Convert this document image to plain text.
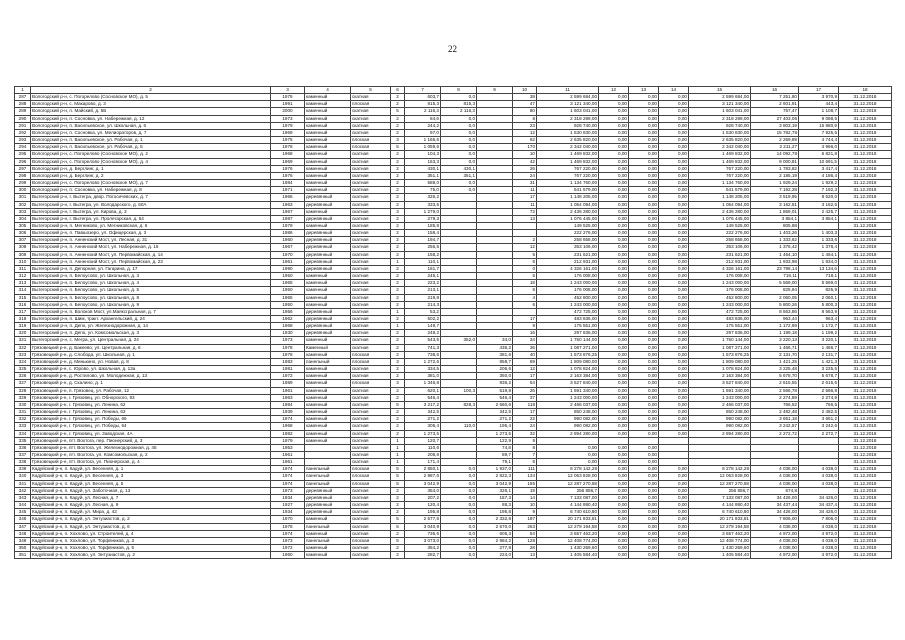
22
1	2	3	4	5	6	7	8	9	10	11	12	13	14	15	16	17	18
287	Вологодский р-н, с. Погорелово (Сосновское МО), д. 5	1975	каменный	скатная	2	603,7	0,0		38	2 599 684,00	0,00	0,00	0,00	2 599 684,00	7 251,80	3 970,9	31.12.2018
288	Вологодский р-н, с. Макарово, д. 3	1991	каменный	плоская	2	815,3	815,3		47	3 121 340,00	0,00	0,00	0,00	3 121 340,00	2 601,91	443,4	31.12.2018
289	Вологодский р-н, п. Майский, д. 5Б	2000	каменный	скатная	5	2 116,3	2 116,3		80	1 603 041,00	0,00	0,00	0,00	1 603 041,00	757,47	1 108,7	31.12.2018
290	Вологодский р-н, п. Сосновка, ул. Набережная, д. 12	1973	каменный	скатная	2	84,6	0,0		8	2 318 299,00	0,00	0,00	0,00	2 318 299,00	27 403,06	9 088,5	31.12.2018
291	Вологодский р-н, п. Васильевское, ул. Школьная, д. 6	1979	каменный	скатная	2	244,2	0,0		23	928 740,00	0,00	0,00	0,00	928 740,00	3 803,19	15 880,9	31.12.2018
292	Вологодский р-н, п. Сосновка, ул. Мелиораторов, д. 7	1969	каменный	скатная	2	97,0	0,0		12	1 530 830,00	0,00	0,00	0,00	1 530 830,00	15 782,78	7 925,5	31.12.2018
293	Вологодский р-н, п. Васильевское, ул. Рабочая, д. 1	1975	каменный	плоская	3	1 166,6	0,0		62	2 635 820,00	0,00	0,00	0,00	2 635 820,00	2 259,89	4 744,4	31.12.2018
294	Вологодский р-н, п. Васильевское, ул. Рабочая, д. 5	1978	каменный	плоская	5	1 059,5	0,0		170	2 342 040,00	0,00	0,00	0,00	2 342 040,00	2 211,27	4 966,0	31.12.2018
295	Вологодский р-н, с. Погорелово (Сосновское МО), д. 2	1968	каменный	скатная	2	104,3	0,0		10	1 469 832,00	0,00	0,00	0,00	1 469 832,00	14 092,78	6 821,8	31.12.2018
296	Вологодский р-н, с. Погорелово (Сосновское МО), д. 4	1969	каменный	скатная	2	163,3	0,0		42	1 469 832,00	0,00	0,00	0,00	1 469 832,00	9 000,81	10 691,5	31.12.2018
297	Вологодский р-н, д. Берглинг, д. 1	1976	каменный	скатная	2	430,1	430,1		26	767 220,00	0,00	0,00	0,00	767 220,00	1 783,82	3 417,4	31.12.2018
298	Вологодский р-н, д. Берглинг, д. 2	1976	каменный	скатная	2	351,1	351,1		24	767 220,00	0,00	0,00	0,00	767 220,00	2 185,19	4 186,4	31.12.2018
299	Вологодский р-н, с. Погорелово (Сосновское МО), д. 7	1984	каменный	скатная	2	588,0	0,0		31	1 134 760,00	0,00	0,00	0,00	1 134 760,00	1 929,24	1 929,2	31.12.2018
300	Вологодский р-н, п. Сосновка, ул. Набережная, д. 8	1971	каменный	скатная	2	75,0	0,0		11	541 579,00	0,00	0,00	0,00	541 579,00	7 192,28	7 192,3	31.12.2018
301	Вытегорский р-н, г. Вытегра, двор. Погосичевских, д. 7	1966	деревянный	скатная	2	326,2			17	1 148 205,00	0,00	0,00	0,00	1 148 205,00	3 519,95	8 520,0	31.12.2018
302	Вытегорский р-н, г. Вытегра, ул. Володарского, д. 60А	1963	деревянный	скатная	2	333,5			11	1 054 094,00	0,00	0,00	0,00	1 054 094,00	3 162,51	3 162,5	31.12.2018
303	Вытегорский р-н, г. Вытегра, ул. Кирова, д. 3	1967	каменный	скатная	3	1 279,0			72	2 436 280,00	0,00	0,00	0,00	2 436 280,00	1 869,01	2 425,7	31.12.2018
304	Вытегорский р-н, г. Вытегра, ул. Пролетарская, д. 54	1987	деревянный	скатная	2	279,3			13	1 076 445,00	0,00	0,00	0,00	1 076 445,00	3 854,1	3 854,1	31.12.2018
305	Вытегорский р-н, п. Мегниково, ул. Мегниковская, д. 6	1979	каменный	скатная	2	185,8				149 525,00	0,00	0,00	0,00	149 525,00	805,88		31.12.2018
306	Вытегорский р-н, п. Павшозеро, ул. Офицерская, д. 3	1986	деревянный	скатная	2	158,4				222 276,00	0,00	0,00	0,00	222 276,00	1 403,26	1 403,3	31.12.2018
307	Вытегорский р-н, п. Анненский Мост, ул. Лесная, д. 31	1960	деревянный	скатная	2	194,7			2	258 658,00	0,00	0,00	0,00	258 658,00	1 333,62	1 333,6	31.12.2018
308	Вытегорский р-н, п. Анненский Мост, ул. Набережная, д. 16	1967	деревянный	скатная	2	256,5			12	353 106,00	0,00	0,00	0,00	353 106,00	1 376,42	1 376,4	31.12.2018
309	Вытегорский р-н, п. Анненский Мост, ул. Первомайская, д. 14	1970	деревянный	скатная	2	158,2			5	231 621,00	0,00	0,00	0,00	231 621,00	1 464,10	1 464,1	31.12.2018
310	Вытегорский р-н, п. Анненский Мост, ул. Первомайская, д. 23	1961	деревянный	скатная	1	110,1			6	212 931,00	0,00	0,00	0,00	212 931,00	1 933,98	1 934,0	31.12.2018
311	Вытегорский р-н, п. Депорная, ул. Гагарина, д. 17	1990	деревянный	скатная	2	181,7			0	4 326 161,00	0,00	0,00	0,00	4 326 161,00	23 798,14	13 134,6	31.12.2018
312	Вытегорский р-н, п. Белоусово, ул. Школьная, д. 3	1950	каменный	скатная	2	245,1			5	176 008,00	0,00	0,00	0,00	176 008,00	718,11	718,1	31.12.2018
313	Вытегорский р-н, п. Белоусово, ул. Школьная, д. 4	1965	каменный	скатная	2	223,2			18	1 243 000,00	0,00	0,00	0,00	1 243 000,00	5 569,00	5 569,0	31.12.2018
314	Вытегорский р-н, п. Белоусово, ул. Школьная, д. 5	1950	каменный	скатная	2	213,1			6	176 008,00	0,00	0,00	0,00	176 008,00	825,94	825,9	31.12.2018
315	Вытегорский р-н, п. Белоусово, ул. Школьная, д. 8	1965	каменный	скатная	2	219,8			4	452 800,00	0,00	0,00	0,00	452 800,00	2 060,05	2 060,1	31.12.2018
316	Вытегорский р-н, п. Белоусово, ул. Школьная, д. 9	1950	каменный	скатная	2	214,3			6	1 243 000,00	0,00	0,00	0,00	1 243 000,00	5 800,26	5 800,3	31.12.2018
317	Вытегорский р-н, п. Волоков Мост, ул.Маяксгральная, д. 7	1956	деревянный	скатная	1	53,2				472 725,00	0,00	0,00	0,00	472 725,00	8 563,86	8 563,9	31.12.2018
318	Вытегорский р-н, п. Шим, тракт. Архангельский, д. 24	1962	деревянный	скатная	2	502,2			17	483 836,00	0,00	0,00	0,00	483 836,00	963,44	963,4	31.12.2018
319	Вытегорский р-н, п. Депо, ул. Железнодорожная, д. 14	1968	деревянный	скатная	1	149,7			8	175 551,00	0,00	0,00	0,00	175 551,00	1 172,69	1 172,7	31.12.2018
320	Вытегорский р-н, п. Депо, ул. Комсомольская, д. 3	1930	деревянный	скатная	2	248,2			16	297 636,00	0,00	0,00	0,00	297 636,00	1 199,18	1 199,2	31.12.2018
321	Вытегорский р-н, с. Мегра, ул. Центральная, д. 24	1973	каменный	скатная	2	543,5	352,0	34,0	34	1 750 144,00	0,00	0,00	0,00	1 750 144,00	3 220,13	3 220,1	31.12.2018
322	Грязовецкий р-н, д. Бакеево, ул. Центральная, д. 6	1978	Каменный	скатная	2	741,3		435,2	36	1 087 271,00	0,00	0,00	0,00	1 087 271,00	1 466,71	1 466,7	31.12.2018
323	Грязовецкий р-н, д. Слобода, ул. Школьная, д. 1	1978	каменный	плоская	2	738,6		381,6	40	1 573 876,25	0,00	0,00	0,00	1 573 876,25	2 131,70	2 131,7	31.12.2018
324	Грязовецкий р-н, д. Минькино, ул. Новая, д. 8	1983	панельный	плоская	3	1 272,6		858,7	69	1 809 080,00	0,00	0,00	0,00	1 809 080,00	1 421,25	1 421,3	31.12.2018
325	Грязовецкий р-н, с. Юрово, ул. Школьная, д. 13а	1981	каменный	скатная	2	334,5		206,6	12	1 078 824,00	0,00	0,00	0,00	1 078 824,00	3 225,48	3 225,5	31.12.2018
326	Грязовецкий р-н, д. Ростилово, ул. Молодежная, д. 13	1972	каменный	скатная	2	381,0		350,0	17	2 163 384,00	0,00	0,00	0,00	2 163 384,00	5 678,70	5 678,7	31.12.2018
327	Грязовецкий р-н, д. Скалино, д. 1	1989	каменный	плоская	3	1 346,8		936,2	54	3 527 840,00	0,00	0,00	0,00	3 527 840,00	2 615,55	2 615,6	31.12.2018
328	Грязовецкий р-н, п. Грязовец, ул. Рабочая, 12	1961	каменный	скатная	2	620,1	100,3	519,8	26	1 591 340,00	0,00	0,00	0,00	1 591 340,00	2 566,78	2 566,8	31.12.2018
329	Грязовецкий р-н, г. Грязовец, ул. Обнорского, 93	1963	каменный	скатная	2	546,4		546,4	37	1 243 000,00	0,00	0,00	0,00	1 243 000,00	2 274,89	2 274,9	31.12.2018
330	Грязовецкий р-н, г. Грязовец, ул. Ленина, 62	1984	каменный	скатная	5	3 217,2	828,3	2 660,6	118	2 466 037,00	0,00	0,00	0,00	2 466 037,00	766,52	766,5	31.12.2018
331	Грязовецкий р-н, г. Грязовец, ул. Ленина, 63	1939	каменный	скатная	2	342,5		342,5	17	850 248,00	0,00	0,00	0,00	850 248,00	2 482,48	2 482,5	31.12.2018
332	Грязовецкий р-н, г. Грязовец, ул. Победы, 66	1974	каменный	скатная	2	271,2		271,2	22	990 082,00	0,00	0,00	0,00	990 082,00	3 651,18	3 651,2	31.12.2018
333	Грязовецкий р-н, г. Грязовец, ул. Победы, 64	1968	каменный	скатная	2	305,4	110,0	195,4	24	990 082,00	0,00	0,00	0,00	990 082,00	3 242,57	3 242,6	31.12.2018
334	Грязовецкий р-н, г. Грязовец, ул. Заводская, 4А	1982	каменный	скатная	2	1 273,5		1 273,5	32	2 894 280,00	0,00	0,00	0,00	2 894 280,00	2 272,72	2 272,7	31.12.2018
335	Грязовецкий р-н, пгт. Вохтога, пер. Пионерский, д. 3	1979	каменный	скатная	1	120,7		122,9	9								31.12.2018
336	Грязовецкий р-н, пгт. Вохтога, ул. Железнодорожная, д. 45	1953		скатная	1	110,6		74,8	8	0,00	0,00	0,00					31.12.2018
337	Грязовецкий р-н, пгт. Вохтога, ул. Комсомольская, д. 2	1961		скатная	1	208,6		89,7	7	0,00	0,00	0,00					31.12.2018
338	Грязовецкий р-н, пгт. Вохтога, ул. Пионерская, д. 4	1961		скатная	1	171,4		79,1	6	0,00	0,00	0,00					31.12.2018
339	Кадуйский р-н, п. Кадуй, ул. Весенняя, д. 1	1974	панельный	плоская	5	2 850,1	0,0	1 937,0	111	8 278 142,28	0,00	0,00	0,00	8 278 142,28	4 038,00	4 038,0	31.12.2018
340	Кадуйский р-н, п. Кадуй, ул. Весенняя, д. 3	1974	панельный	плоская	5	2 987,6	0,0	2 822,3	134	12 063 928,00	0,00	0,00	0,00	12 063 928,00	4 038,00	4 038,0	31.12.2018
341	Кадуйский р-н, п. Кадуй, ул. Весенняя, д. 5	1974	панельный	плоская	5	3 042,9	0,0	3 042,9	155	12 287 270,58	0,00	0,00	0,00	12 287 270,58	4 038,00	4 038,0	31.12.2018
342	Кадуйский р-н, п. Кадуй, ул. Заботочная, д. 13	1973	деревянный	скатная	2	354,0	0,0	326,1	19	256 856,7	0,00	0,00	0,00	256 856,7	674,8		31.12.2018
343	Кадуйский р-н, п. Кадуй, ул. Лесная, д. 7	1934	деревянный	скатная	2	207,2	0,0	157,3	14	7 133 087,00	0,00	0,00	0,00	7 133 087,00	34 426,00	34 426,0	31.12.2018
344	Кадуйский р-н, п. Кадуй, ул. Лесная, д. 9	1927	деревянный	скатная	2	120,4	0,0	88,3	10	4 144 890,40	0,00	0,00	0,00	4 144 890,40	34 437,44	34 437,4	31.12.2018
345	Кадуйский р-н, п. Кадуй, ул. Мира, д. 42	1934	деревянный	скатная	2	195,8	0,0	195,8	9	6 740 610,80	0,00	0,00	0,00	6 740 610,80	34 426,00	34 426,0	31.12.2018
346	Кадуйский р-н, п. Кадуй, ул. Энтузиастов, д. 2	1970	каменный	скатная	5	2 577,6	0,0	2 332,8	187	20 171 933,81	0,00	0,00	0,00	20 171 933,81	7 806,00	7 806,0	31.12.2018
347	Кадуйский р-н, п. Кадуй, ул. Энтузиастов, д. 6	1978	панельный	скатная	5	3 040,9	0,0	2 570,0	263	12 279 194,58	0,00	0,00	0,00	12 279 194,58	4 038,00	4 038,0	31.12.2018
348	Кадуйский р-н, п. Хохлово, ул. Строителей, д. 4	1974	каменный	скатная	2	735,6	0,0	605,3	54	3 657 463,20	0,00	0,00	0,00	3 657 463,20	4 972,00	4 972,0	31.12.2018
349	Кадуйский р-н, п. Хохлово, ул. Торфяников, д. 3	1973	панельный	плоская	5	3 073,0	0,0	2 984,2	128	12 408 774,00	0,00	0,00	0,00	12 408 774,00	4 038,00	4 038,0	31.12.2018
350	Кадуйский р-н, п. Хохлово, ул. Торфяников, д. 5	1972	каменный	скатная	2	354,2	0,0	277,8	28	1 430 259,60	0,00	0,00	0,00	1 430 259,60	4 038,00	4 038,0	31.12.2018
351	Кадуйский р-н, п. Хохлово, ул. Энтузиастов, д. 2	1960	каменный	скатная	2	282,7	0,0	224,0	13	1 405 584,40	0,00	0,00	0,00	1 405 584,40	4 972,00	4 972,0	31.12.2018
